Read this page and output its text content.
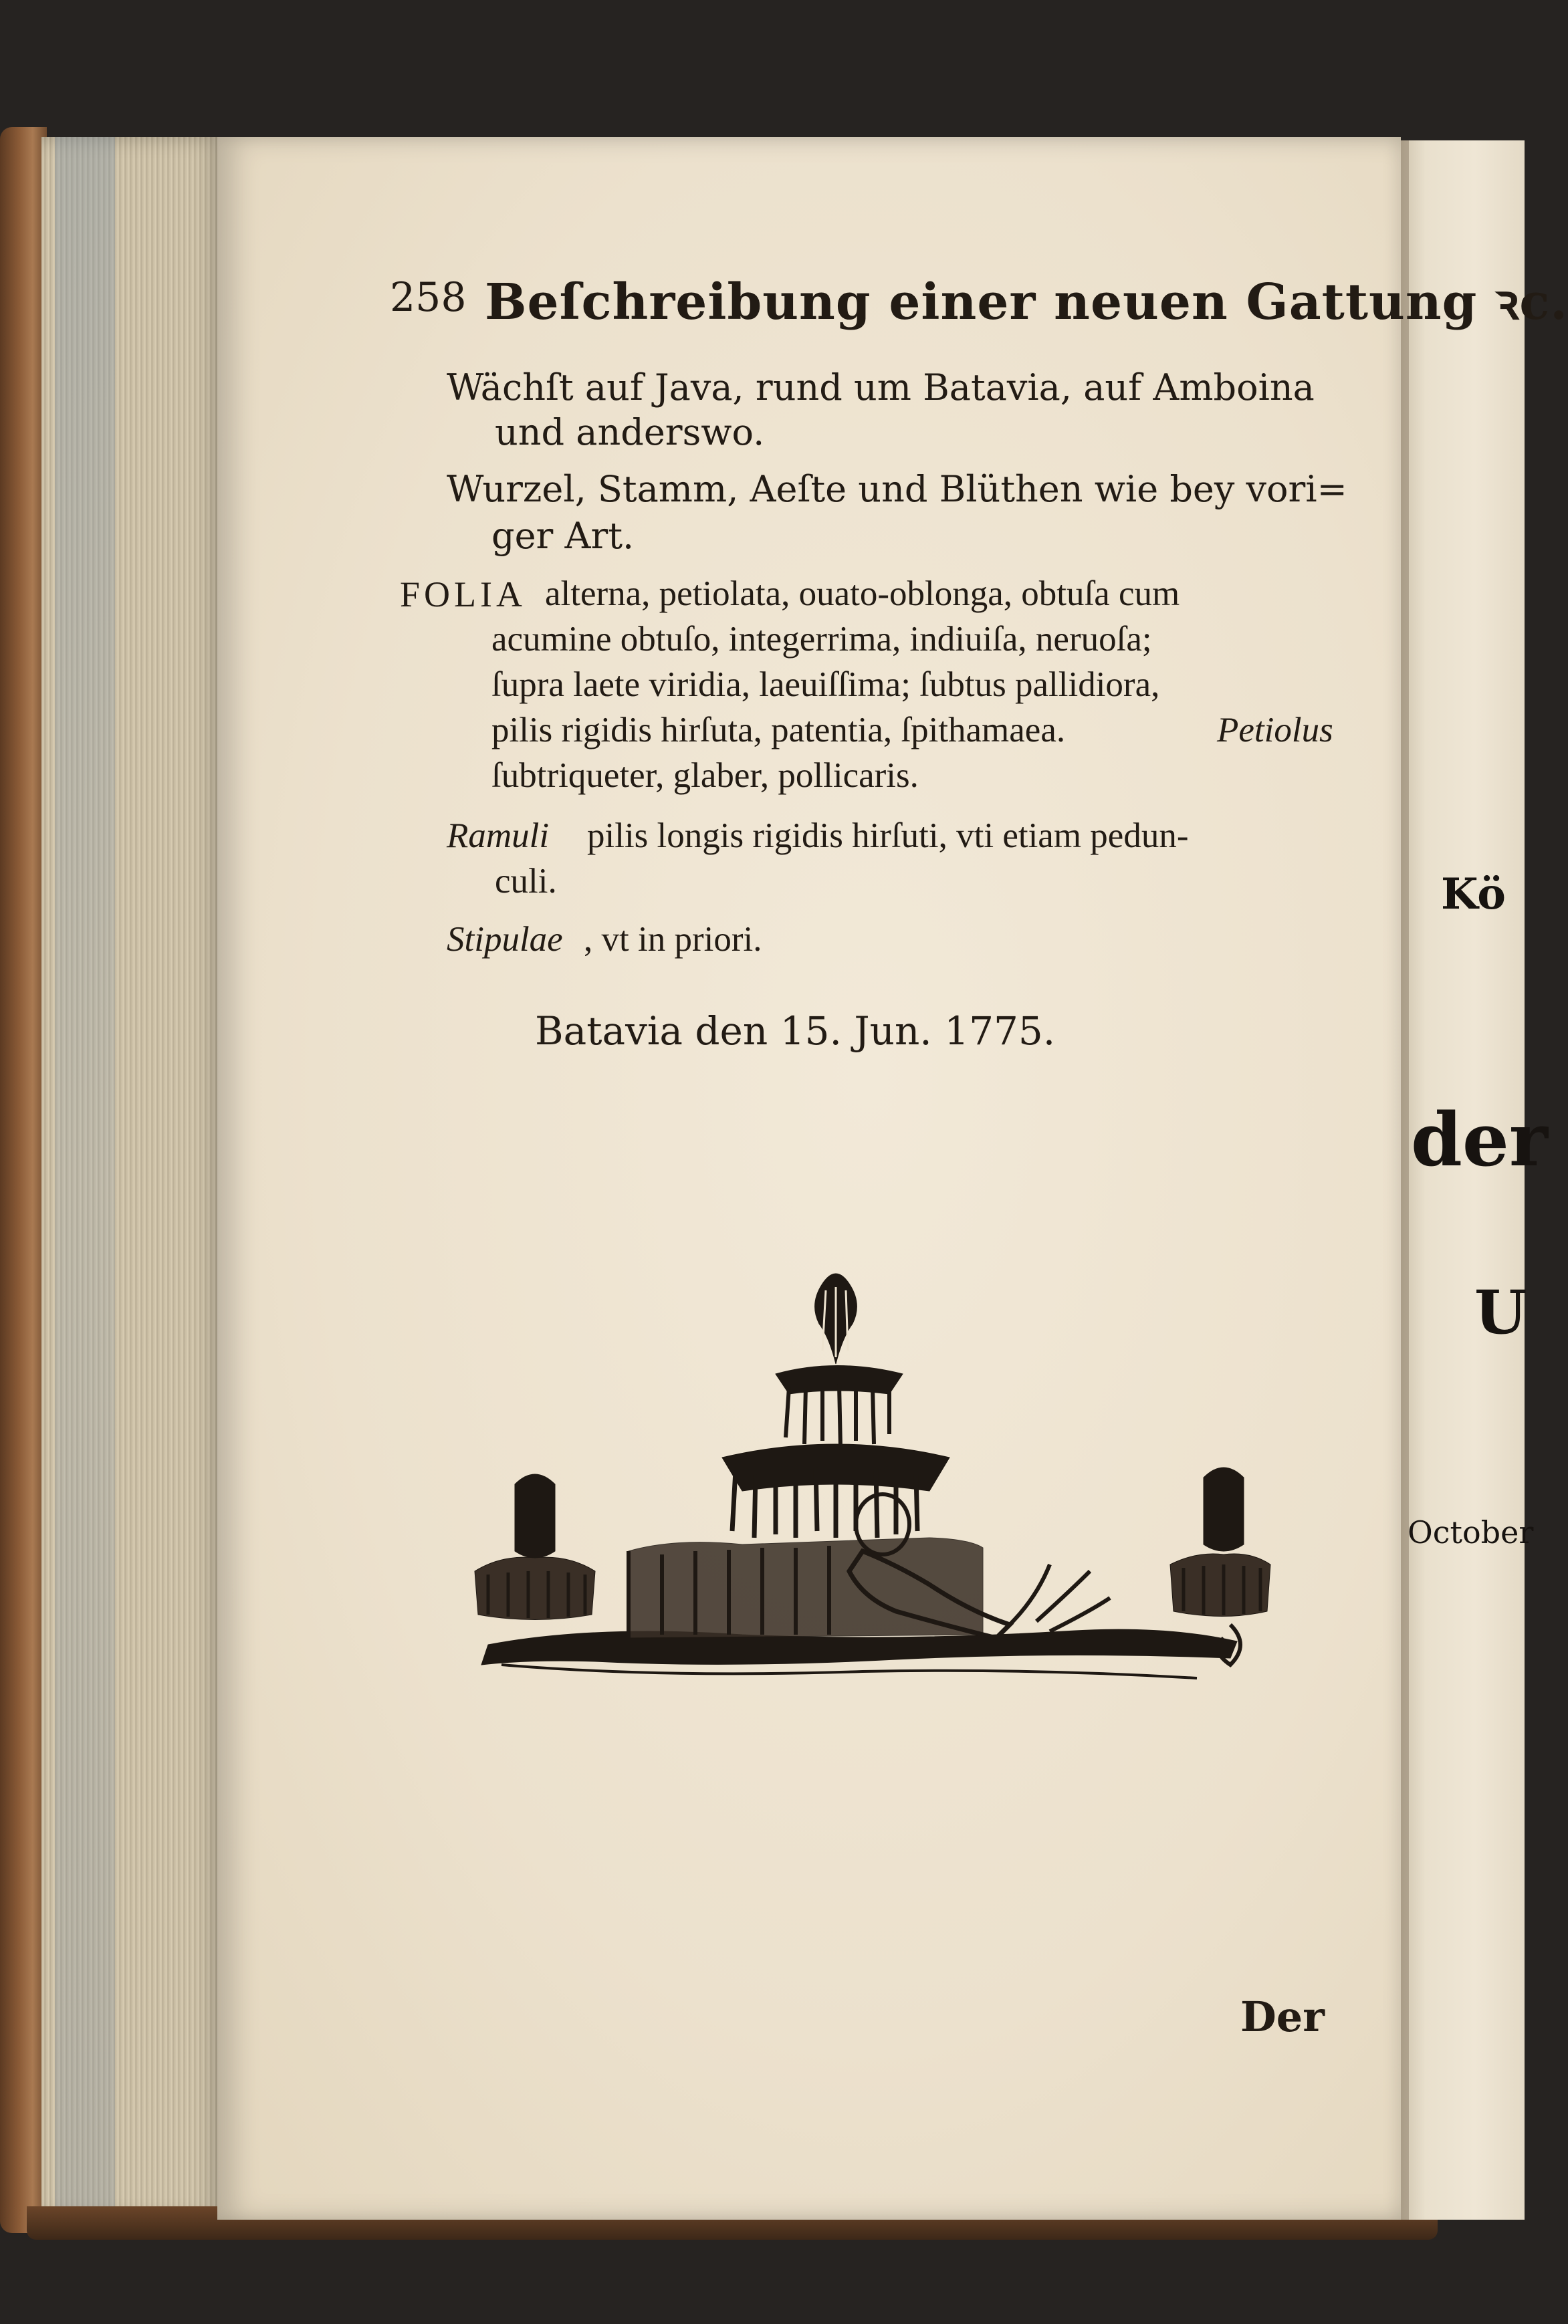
Kö
der
U
October
258 Beſchreibung einer neuen Gattung ꝛc.
Wächſt auf Java, rund um Batavia, auf Amboina
und anderswo.
Wurzel, Stamm, Aeſte und Blüthen wie bey vori=
ger Art.
FOLIA alterna, petiolata, ouato-oblonga, obtuſa cum
acumine obtuſo, integerrima, indiuiſa, neruoſa;
ſupra laete viridia, laeuiſſima; ſubtus pallidiora,
pilis rigidis hirſuta, patentia, ſpithamaea.	Petiolus
ſubtriqueter, glaber, pollicaris.
Ramuli pilis longis rigidis hirſuti, vti etiam pedun-
culi.
Stipulae , vt in priori.
Batavia den 15. Jun. 1775.
Der
